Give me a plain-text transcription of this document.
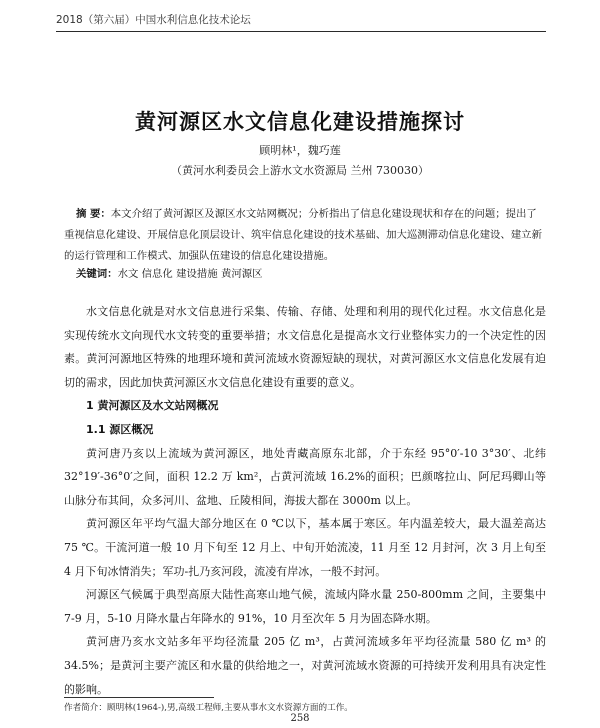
2018（第六届）中国水利信息化技术论坛
黄河源区水文信息化建设措施探讨
顾明林¹，魏巧莲
（黄河水利委员会上游水文水资源局 兰州 730030）
摘 要：本文介绍了黄河源区及源区水文站网概况；分析指出了信息化建设现状和存在的问题；提出了重视信息化建设、开展信息化顶层设计、筑牢信息化建设的技术基础、加大巡测滞动信息化建设、建立新的运行管理和工作模式、加强队伍建设的信息化建设措施。
关键词：水文 信息化 建设措施 黄河源区

水文信息化就是对水文信息进行采集、传输、存储、处理和利用的现代化过程。水文信息化是实现传统水文向现代水文转变的重要举措；水文信息化是提高水文行业整体实力的一个决定性的因素。黄河河源地区特殊的地理环境和黄河流域水资源短缺的现状，对黄河源区水文信息化发展有迫切的需求，因此加快黄河源区水文信息化建设有重要的意义。

1 黄河源区及水文站网概况
1.1 源区概况

黄河唐乃亥以上流域为黄河源区，地处青藏高原东北部，介于东经 95°0′-10 3°30′、北纬 32°19′-36°0′之间，面积 12.2 万 km²，占黄河流域 16.2%的面积；巴颜喀拉山、阿尼玛卿山等山脉分布其间，众多河川、盆地、丘陵相间，海拔大都在 3000m 以上。

黄河源区年平均气温大部分地区在 0 ℃以下，基本属于寒区。年内温差较大，最大温差高达 75 ℃。干流河道一般 10 月下旬至 12 月上、中旬开始流凌，11 月至 12 月封河，次 3 月上旬至 4 月下旬冰情消失；军功-扎乃亥河段，流凌有岸冰，一般不封河。

河源区气候属于典型高原大陆性高寒山地气候，流域内降水量 250-800mm 之间，主要集中 7-9 月，5-10 月降水量占年降水的 91%，10 月至次年 5 月为固态降水期。

黄河唐乃亥水文站多年平均径流量 205 亿 m³，占黄河流域多年平均径流量 580 亿 m³ 的 34.5%；是黄河主要产流区和水量的供给地之一，对黄河流域水资源的可持续开发利用具有决定性的影响。

作者简介：顾明林(1964-),男,高级工程师,主要从事水文水资源方面的工作。
258
